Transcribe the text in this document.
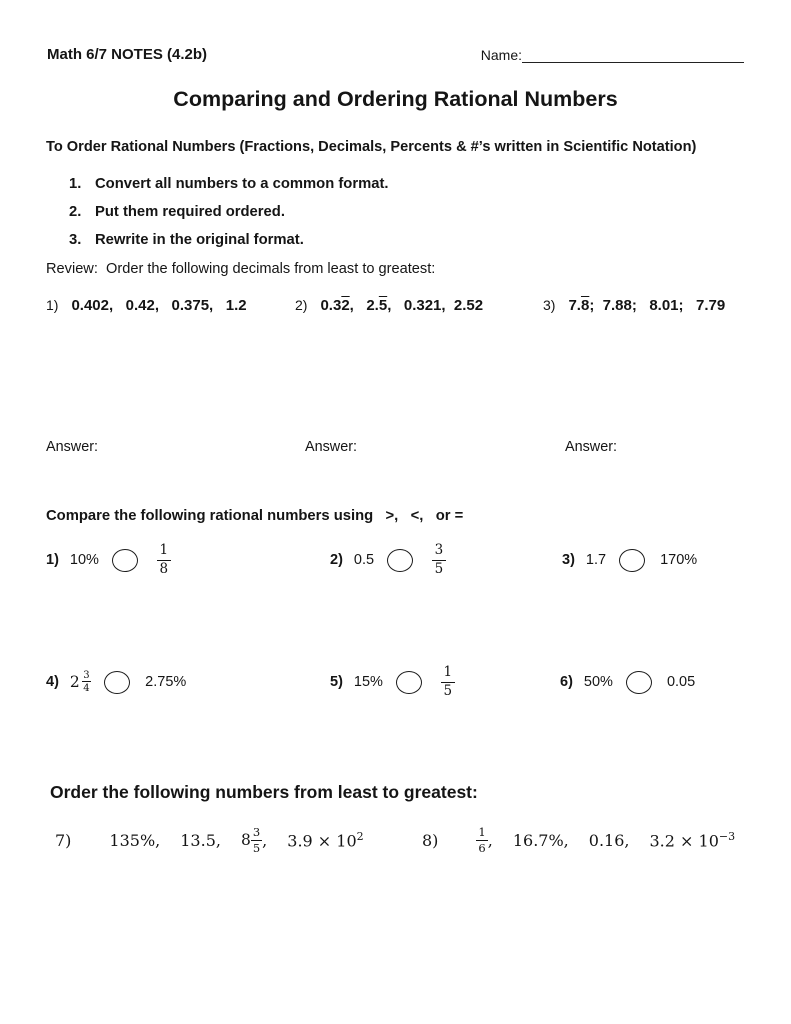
Math 6/7 NOTES (4.2b)	Name:
Comparing and Ordering Rational Numbers
To Order Rational Numbers (Fractions, Decimals, Percents & #’s written in Scientific Notation)
1. Convert all numbers to a common format.
2. Put them required ordered.
3. Rewrite in the original format.
Review:  Order the following decimals from least to greatest:
1) 0.402,   0.42,   0.375,   1.2	2) 0.32,   2.5,   0.321,  2.52	3) 7.8;  7.88;   8.01;   7.79
Answer:	Answer:	Answer:
Compare the following rational numbers using   >,   <,   or =
1) 10%	$\frac{1}{8}$	2) 0.5	$\frac{3}{5}$	3) 1.7	170%
4) $2 \frac{3}{4}$	2.75%	5) 15%	$\frac{1}{5}$	6) 50%	0.05
Order the following numbers from least to greatest:
7) 135%, 13.5, $8 \frac{3}{5}$ , $3.9 \times 10^2$	8)	$\frac{1}{6}$ , 16.7%, 0.16, $3.2 \times 10^{-3}$
